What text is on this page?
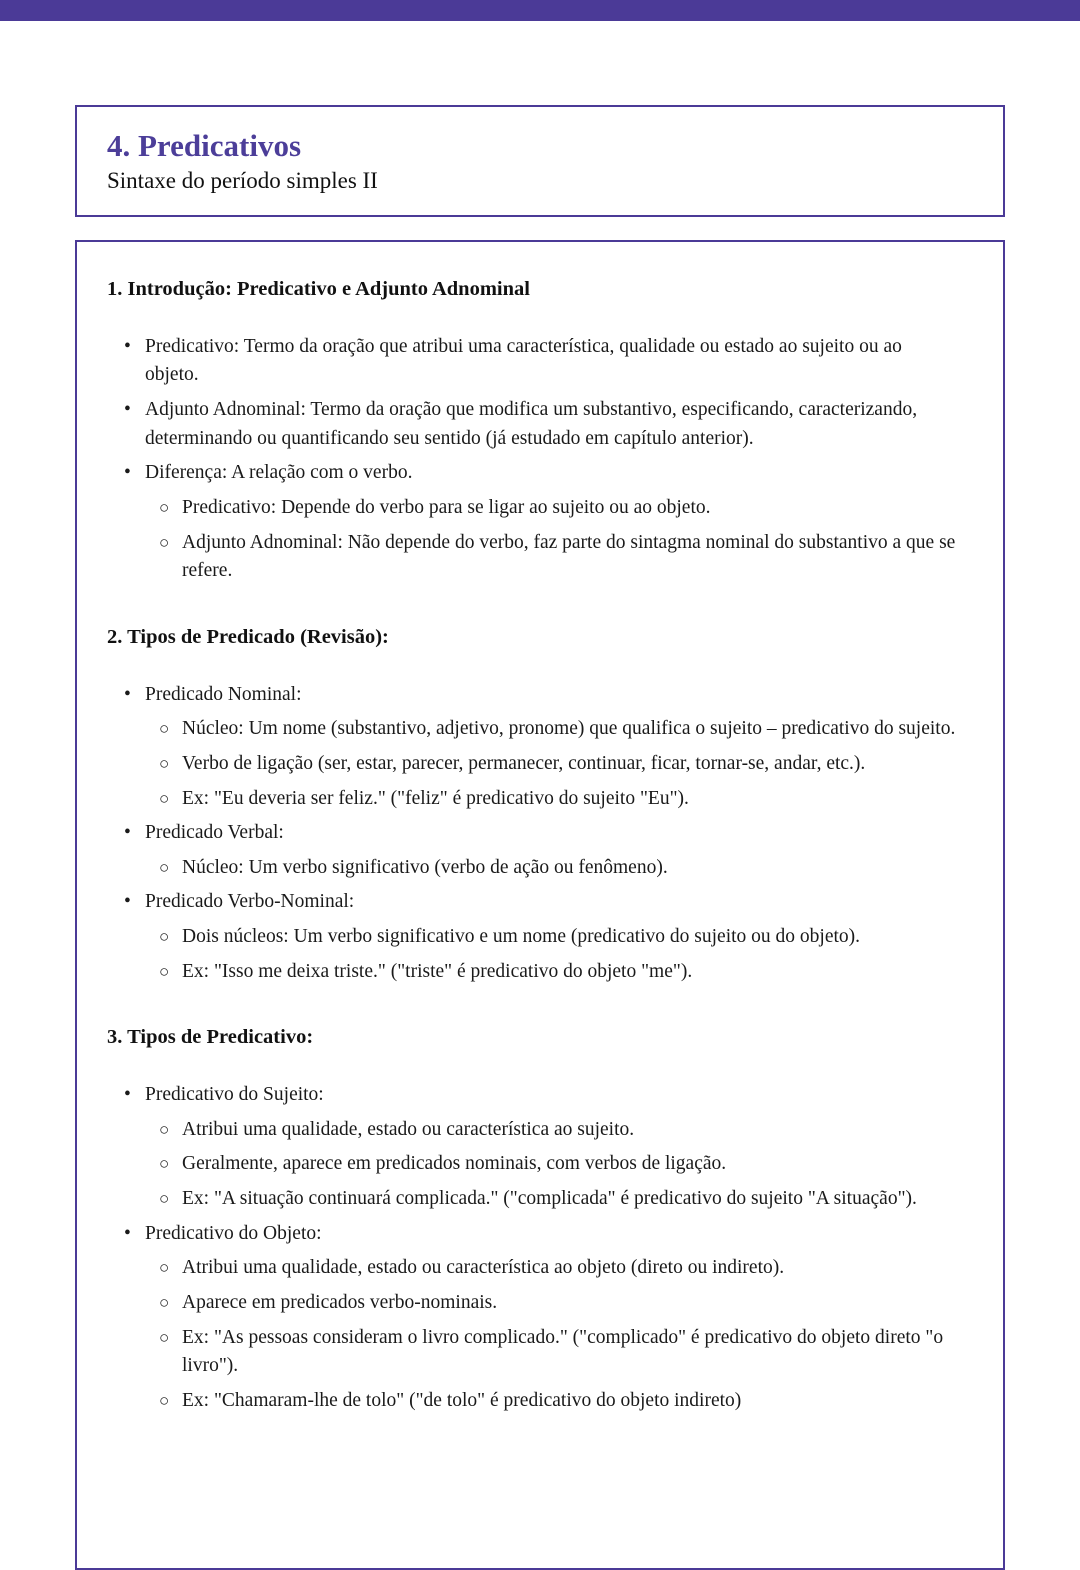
4. Predicativos
Sintaxe do período simples II
1. Introdução: Predicativo e Adjunto Adnominal
• Predicativo: Termo da oração que atribui uma característica, qualidade ou estado ao sujeito ou ao objeto.
• Adjunto Adnominal: Termo da oração que modifica um substantivo, especificando, caracterizando, determinando ou quantificando seu sentido (já estudado em capítulo anterior).
• Diferença: A relação com o verbo.
○ Predicativo: Depende do verbo para se ligar ao sujeito ou ao objeto.
○ Adjunto Adnominal: Não depende do verbo, faz parte do sintagma nominal do substantivo a que se refere.
2. Tipos de Predicado (Revisão):
• Predicado Nominal:
○ Núcleo: Um nome (substantivo, adjetivo, pronome) que qualifica o sujeito – predicativo do sujeito.
○ Verbo de ligação (ser, estar, parecer, permanecer, continuar, ficar, tornar-se, andar, etc.).
○ Ex: "Eu deveria ser feliz." ("feliz" é predicativo do sujeito "Eu").
• Predicado Verbal:
○ Núcleo: Um verbo significativo (verbo de ação ou fenômeno).
• Predicado Verbo-Nominal:
○ Dois núcleos: Um verbo significativo e um nome (predicativo do sujeito ou do objeto).
○ Ex: "Isso me deixa triste." ("triste" é predicativo do objeto "me").
3. Tipos de Predicativo:
• Predicativo do Sujeito:
○ Atribui uma qualidade, estado ou característica ao sujeito.
○ Geralmente, aparece em predicados nominais, com verbos de ligação.
○ Ex: "A situação continuará complicada." ("complicada" é predicativo do sujeito "A situação").
• Predicativo do Objeto:
○ Atribui uma qualidade, estado ou característica ao objeto (direto ou indireto).
○ Aparece em predicados verbo-nominais.
○ Ex: "As pessoas consideram o livro complicado." ("complicado" é predicativo do objeto direto "o livro").
○ Ex: "Chamaram-lhe de tolo" ("de tolo" é predicativo do objeto indireto)
